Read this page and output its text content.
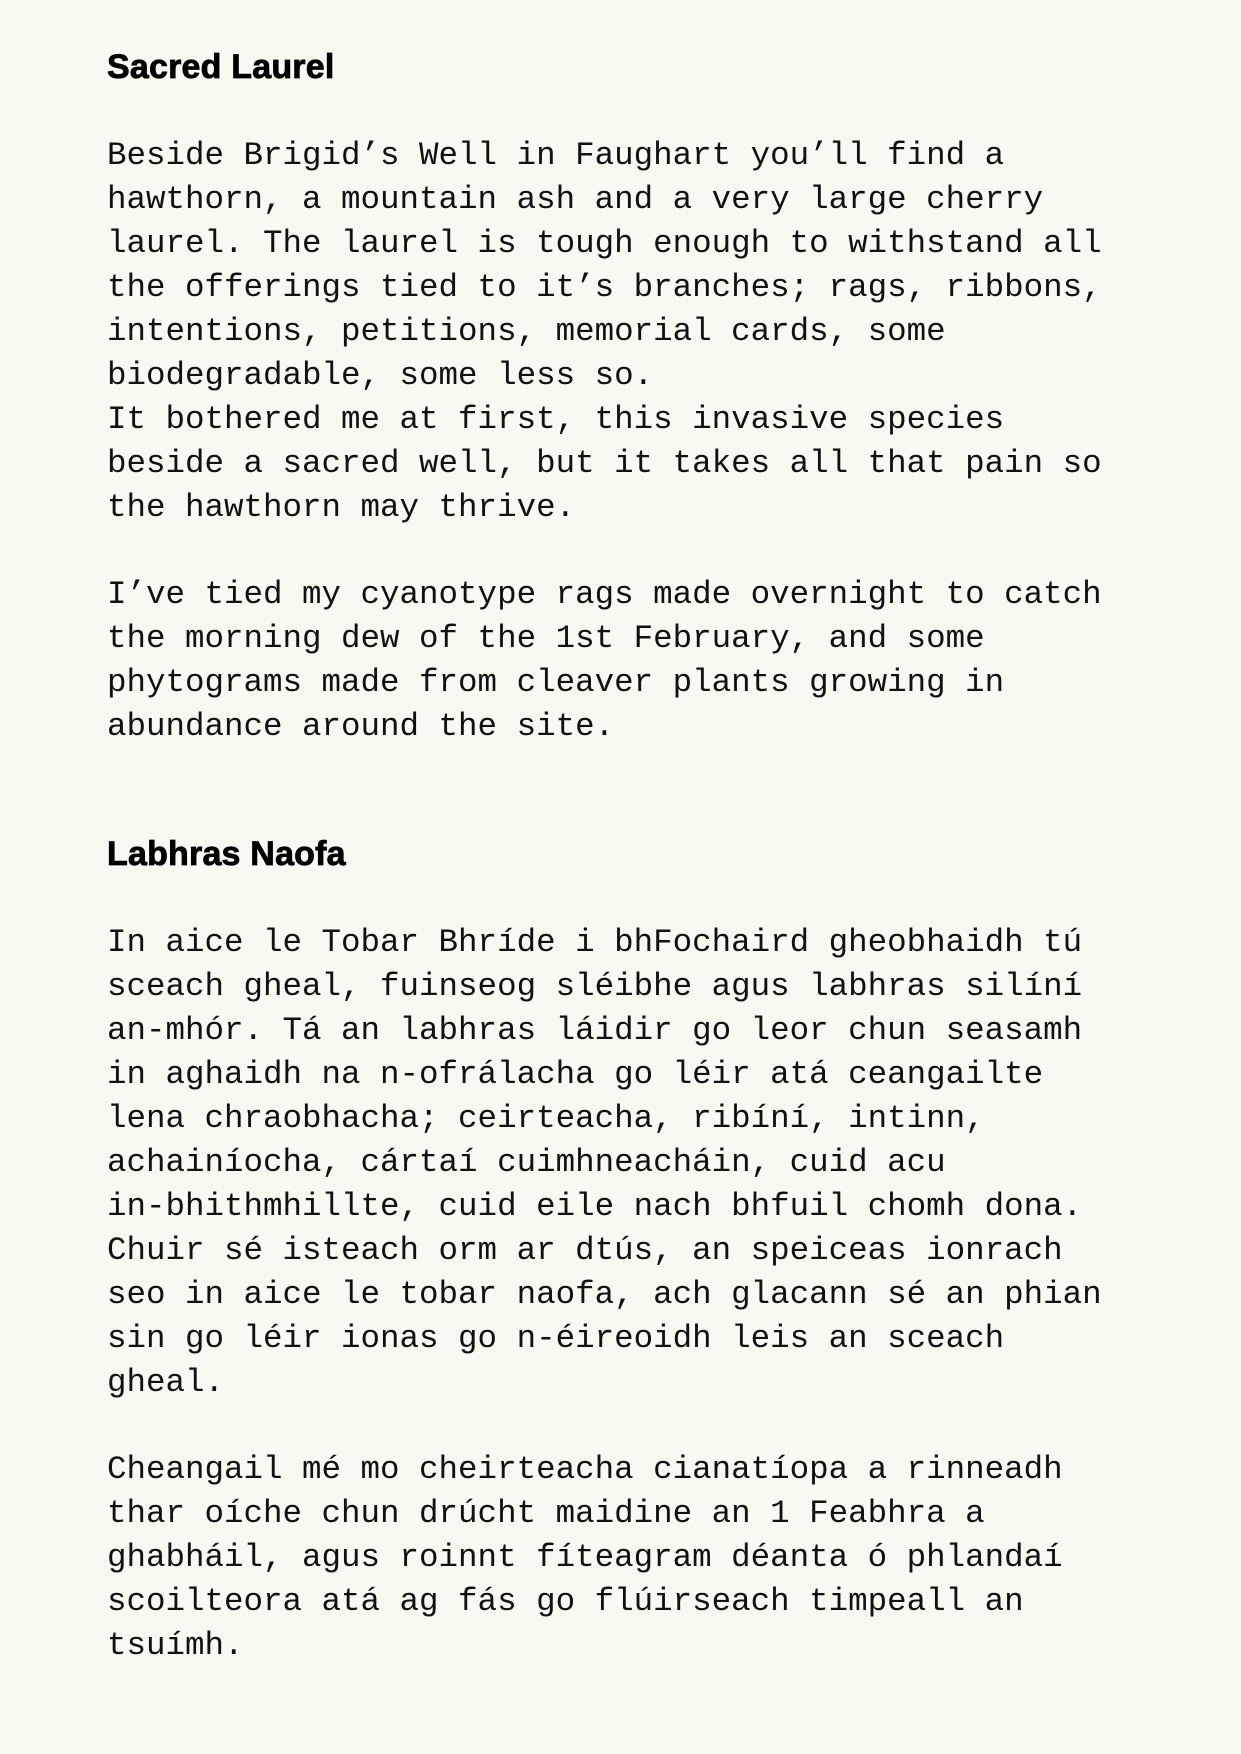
Sacred Laurel

Beside Brigid’s Well in Faughart you’ll find a
hawthorn, a mountain ash and a very large cherry
laurel. The laurel is tough enough to withstand all
the offerings tied to it’s branches; rags, ribbons,
intentions, petitions, memorial cards, some
biodegradable, some less so.
It bothered me at first, this invasive species
beside a sacred well, but it takes all that pain so
the hawthorn may thrive.

I’ve tied my cyanotype rags made overnight to catch
the morning dew of the 1st February, and some
phytograms made from cleaver plants growing in
abundance around the site.

Labhras Naofa

In aice le Tobar Bhríde i bhFochaird gheobhaidh tú
sceach gheal, fuinseog sléibhe agus labhras silíní
an-mhór. Tá an labhras láidir go leor chun seasamh
in aghaidh na n-ofrálacha go léir atá ceangailte
lena chraobhacha; ceirteacha, ribíní, intinn,
achainíocha, cártaí cuimhneacháin, cuid acu
in-bhithmhillte, cuid eile nach bhfuil chomh dona.
Chuir sé isteach orm ar dtús, an speiceas ionrach
seo in aice le tobar naofa, ach glacann sé an phian
sin go léir ionas go n-éireoidh leis an sceach
gheal.

Cheangail mé mo cheirteacha cianatíopa a rinneadh
thar oíche chun drúcht maidine an 1 Feabhra a
ghabháil, agus roinnt fíteagram déanta ó phlandaí
scoilteora atá ag fás go flúirseach timpeall an
tsuímh.
